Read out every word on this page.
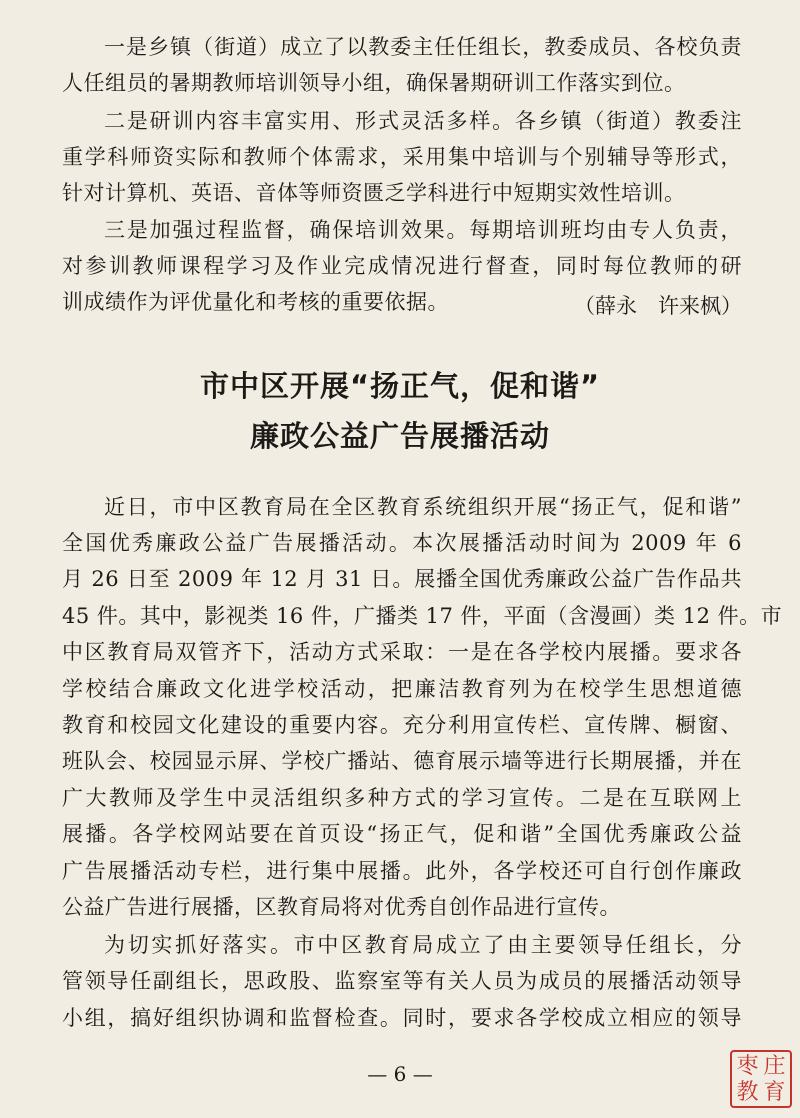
一是乡镇（街道）成立了以教委主任任组长，教委成员、各校负责
人任组员的暑期教师培训领导小组，确保暑期研训工作落实到位。
二是研训内容丰富实用、形式灵活多样。各乡镇（街道）教委注
重学科师资实际和教师个体需求，采用集中培训与个别辅导等形式，
针对计算机、英语、音体等师资匮乏学科进行中短期实效性培训。
三是加强过程监督，确保培训效果。每期培训班均由专人负责，
对参训教师课程学习及作业完成情况进行督查，同时每位教师的研
训成绩作为评优量化和考核的重要依据。	（薛永　许来枫）
市中区开展“扬正气，促和谐”
廉政公益广告展播活动
近日，市中区教育局在全区教育系统组织开展“扬正气，促和谐”
全国优秀廉政公益广告展播活动。本次展播活动时间为 2009 年 6
月 26 日至 2009 年 12 月 31 日。展播全国优秀廉政公益广告作品共
45 件。其中，影视类 16 件，广播类 17 件，平面（含漫画）类 12 件。市
中区教育局双管齐下，活动方式采取：一是在各学校内展播。要求各
学校结合廉政文化进学校活动，把廉洁教育列为在校学生思想道德
教育和校园文化建设的重要内容。充分利用宣传栏、宣传牌、橱窗、
班队会、校园显示屏、学校广播站、德育展示墙等进行长期展播，并在
广大教师及学生中灵活组织多种方式的学习宣传。二是在互联网上
展播。各学校网站要在首页设“扬正气，促和谐”全国优秀廉政公益
广告展播活动专栏，进行集中展播。此外，各学校还可自行创作廉政
公益广告进行展播，区教育局将对优秀自创作品进行宣传。
为切实抓好落实。市中区教育局成立了由主要领导任组长，分
管领导任副组长，思政股、监察室等有关人员为成员的展播活动领导
小组，搞好组织协调和监督检查。同时，要求各学校成立相应的领导
— 6 —	枣 庄
教 育
